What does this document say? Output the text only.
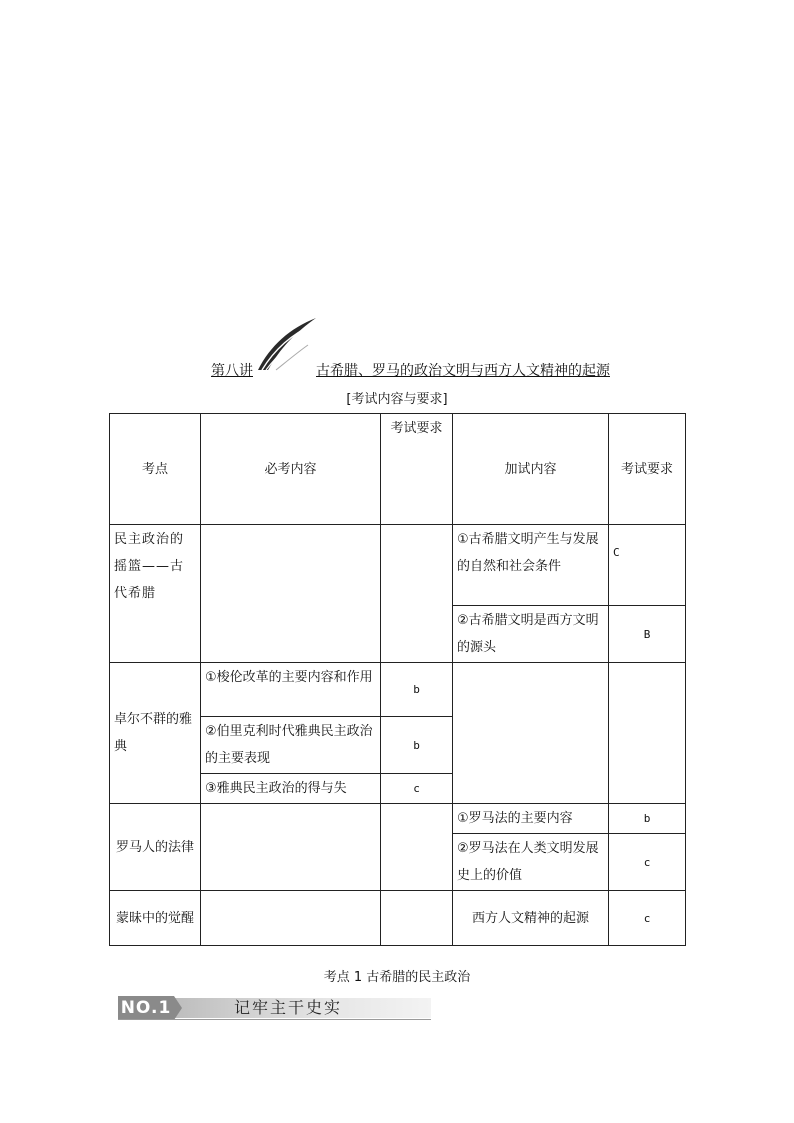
第八讲	古希腊、罗马的政治文明与西方人文精神的起源
[考试内容与要求]
考点	必考内容	考试要求	加试内容	考试要求
民主政治的摇篮——古代希腊			①古希腊文明产生与发展的自然和社会条件	C
			②古希腊文明是西方文明的源头	B
卓尔不群的雅典	①梭伦改革的主要内容和作用	b		
	②伯里克利时代雅典民主政治的主要表现	b		
	③雅典民主政治的得与失	c		
罗马人的法律			①罗马法的主要内容	b
			②罗马法在人类文明发展史上的价值	c
蒙昧中的觉醒			西方人文精神的起源	c
考点 1 古希腊的民主政治
NO.1	记牢主干史实
